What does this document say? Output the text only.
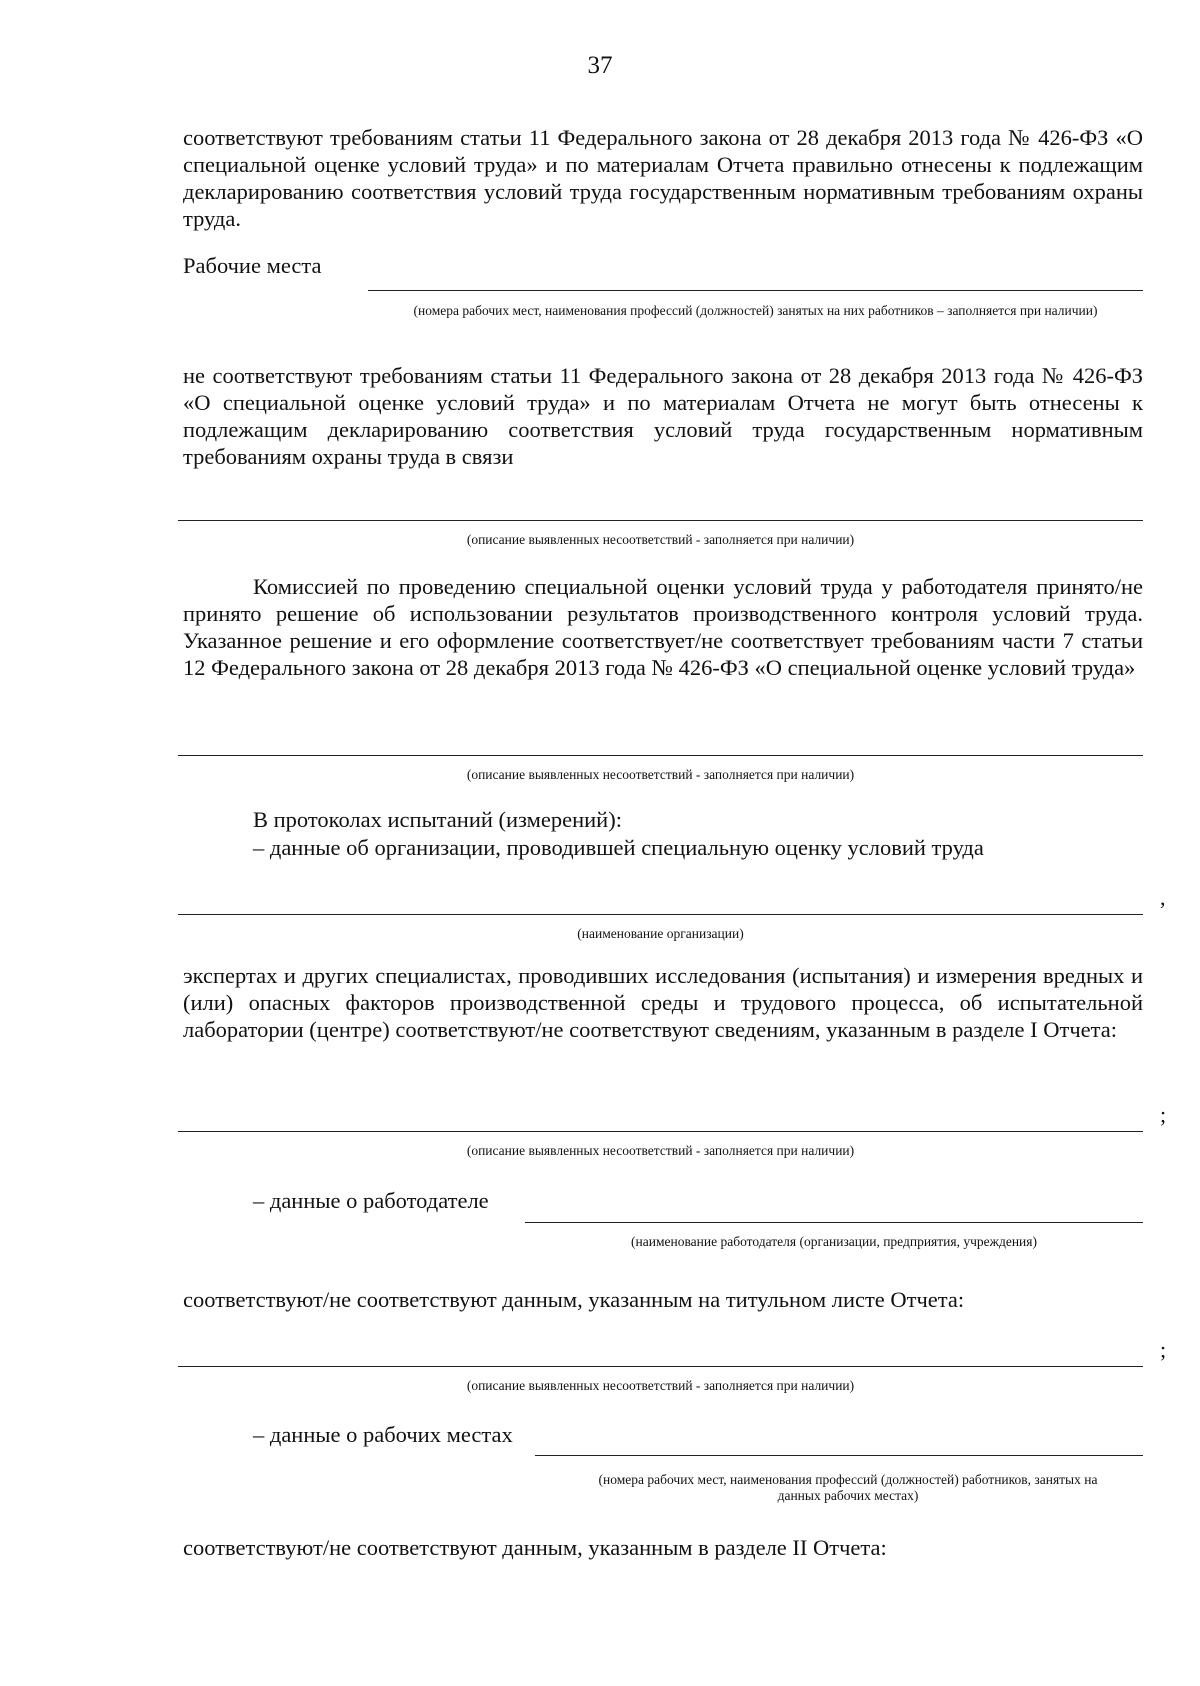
37

соответствуют требованиям статьи 11 Федерального закона от 28 декабря 2013 года № 426-ФЗ «О специальной оценке условий труда» и по материалам Отчета правильно отнесены к подлежащим декларированию соответствия условий труда государственным нормативным требованиям охраны труда.

Рабочие места
(номера рабочих мест, наименования профессий (должностей) занятых на них работников – заполняется при наличии)

не соответствуют требованиям статьи 11 Федерального закона от 28 декабря 2013 года № 426-ФЗ «О специальной оценке условий труда» и по материалам Отчета не могут быть отнесены к подлежащим декларированию соответствия условий труда государственным нормативным требованиям охраны труда в связи

(описание выявленных несоответствий - заполняется при наличии)

Комиссией по проведению специальной оценки условий труда у работодателя принято/не принято решение об использовании результатов производственного контроля условий труда. Указанное решение и его оформление соответствует/не соответствует требованиям части 7 статьи 12 Федерального закона от 28 декабря 2013 года № 426-ФЗ «О специальной оценке условий труда»

(описание выявленных несоответствий - заполняется при наличии)
В протоколах испытаний (измерений):
– данные об организации, проводившей специальную оценку условий труда
,
(наименование организации)

экспертах и других специалистах, проводивших исследования (испытания) и измерения вредных и (или) опасных факторов производственной среды и трудового процесса, об испытательной лаборатории (центре) соответствуют/не соответствуют сведениям, указанным в разделе I Отчета:

;
(описание выявленных несоответствий - заполняется при наличии)
– данные о работодателе
(наименование работодателя (организации, предприятия, учреждения)

соответствуют/не соответствуют данным, указанным на титульном листе Отчета:

;
(описание выявленных несоответствий - заполняется при наличии)
– данные о рабочих местах
(номера рабочих мест, наименования профессий (должностей) работников, занятых на данных рабочих местах)

соответствуют/не соответствуют данным, указанным в разделе II Отчета:
